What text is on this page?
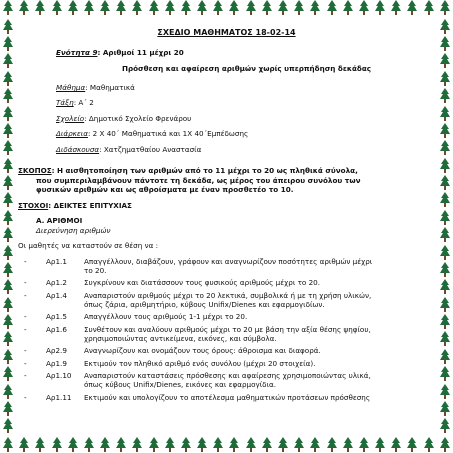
ΣΧΕΔΙΟ ΜΑΘΗΜΑΤΟΣ 18-02-14
Ενότητα 9: Αριθμοί 11 μέχρι 20
Πρόσθεση και αφαίρεση αριθμών χωρίς υπερπήδηση δεκάδας
Μάθημα: Μαθηματικά
Τάξη: Α΄ 2
Σχολείο: Δημοτικό Σχολείο Φρενάρου
Διάρκεια: 2 Χ 40΄ Μαθηματικά και 1Χ 40΄Εμπέδωσης
Διδάσκουσα: Χατζηματθαίου Αναστασία
ΣΚΟΠΟΣ: Η αισθητοποίηση των αριθμών από το 11 μέχρι το 20 ως πληθικά σύνολα,
που συμπεριλαμβάνουν πάντοτε τη δεκάδα, ως μέρος του άπειρου συνόλου των
φυσικών αριθμών και ως αθροίσματα με έναν προσθετέο το 10.
ΣΤΟΧΟΙ: ΔΕΙΚΤΕΣ ΕΠΙΤΥΧΙΑΣ
Α. ΑΡΙΘΜΟΙ
Διερεύνηση αριθμών
Οι μαθητές να καταστούν σε θέση να :
-	Αρ1.1	Απαγγέλλουν, διαβάζουν, γράφουν και αναγνωρίζουν ποσότητες αριθμών μέχρι
το 20.
-	Αρ1.2	Συγκρίνουν και διατάσσουν τους φυσικούς αριθμούς μέχρι το 20.
-	Αρ1.4	Αναπαριστούν αριθμούς μέχρι το 20 λεκτικά, συμβολικά ή με τη χρήση υλικών,
όπως ζάρια, αριθμητήριο, κύβους Unifix/Dienes και εφαρμογιδίων.
-	Αρ1.5	Απαγγέλλουν τους αριθμούς 1-1 μέχρι το 20.
-	Αρ1.6	Συνθέτουν και αναλύουν αριθμούς μέχρι το 20 με βάση την αξία θέσης ψηφίου,
χρησιμοποιώντας αντικείμενα, εικόνες, και σύμβολα.
-	Αρ2.9	Αναγνωρίζουν και ονομάζουν τους όρους: άθροισμα και διαφορά.
-	Αρ1.9	Εκτιμούν τον πληθικό αριθμό ενός συνόλου (μέχρι 20 στοιχεία).
-	Αρ1.10	Αναπαριστούν καταστάσεις πρόσθεσης και αφαίρεσης χρησιμοποιώντας υλικά,
όπως κύβους Unifix/Dienes, εικόνες και εφαρμογίδια.
-	Αρ1.11	Εκτιμούν και υπολογίζουν το αποτέλεσμα μαθηματικών προτάσεων πρόσθεσης
